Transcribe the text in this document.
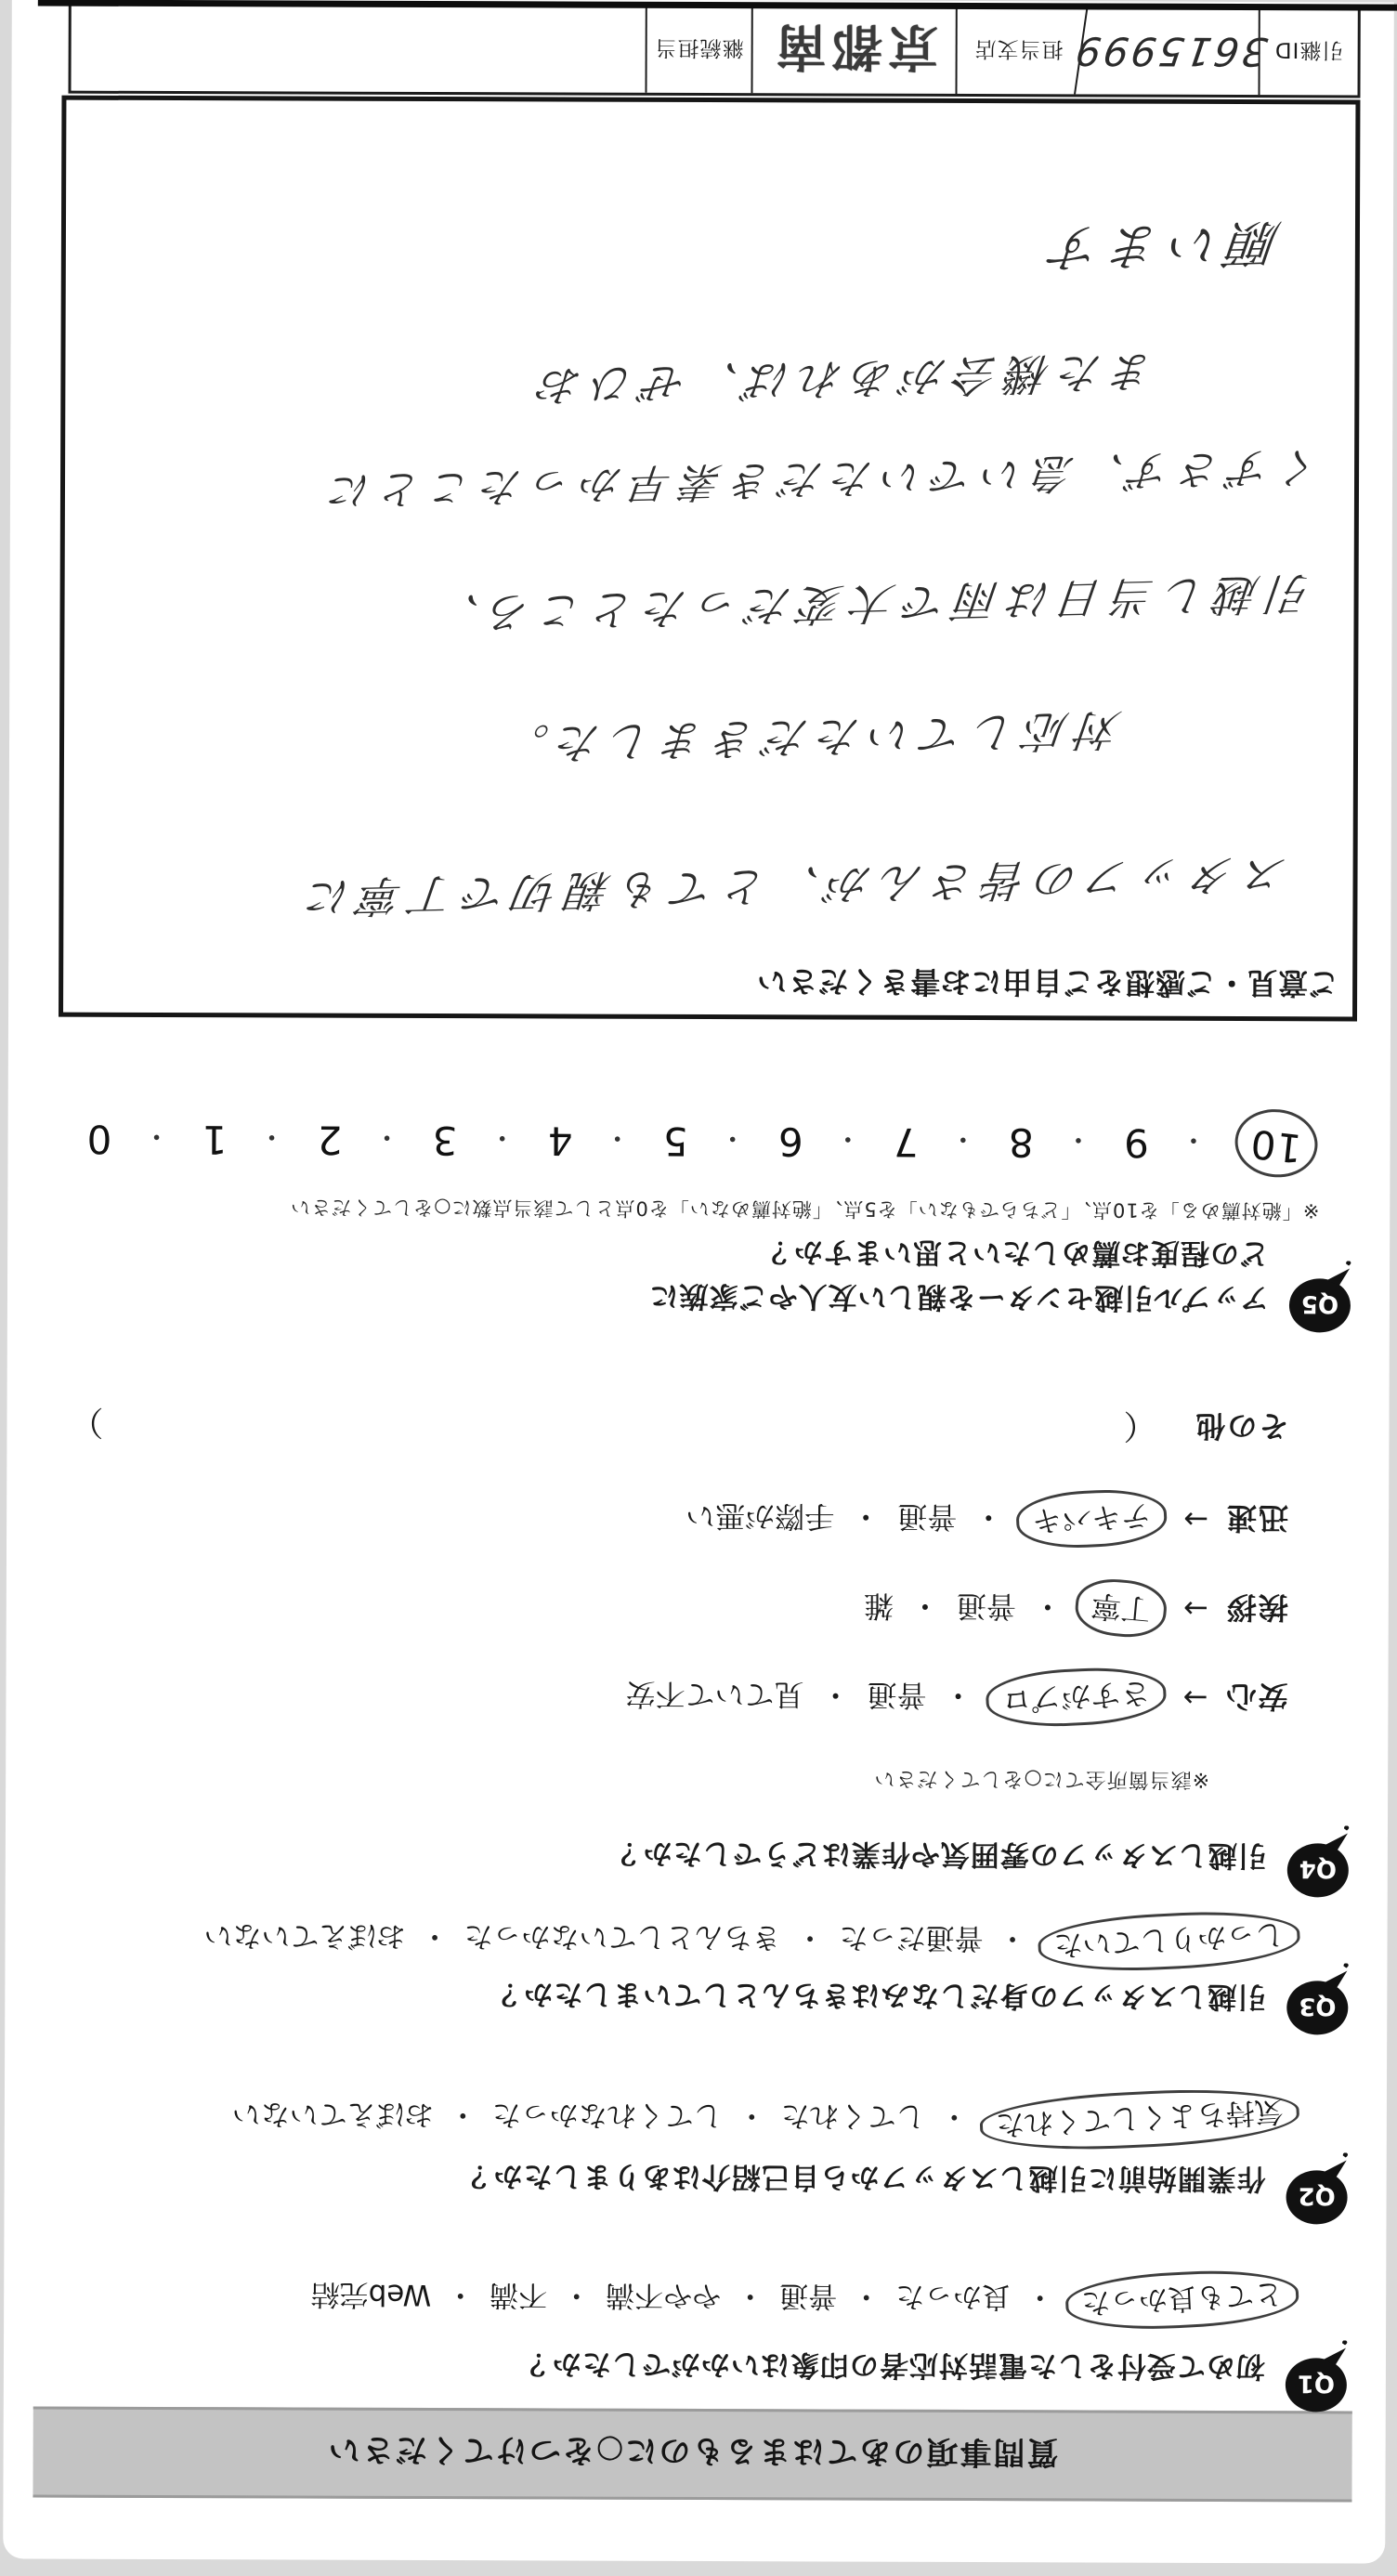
質問事項のあてはまるものに○をつけてください
Q1
初めて受付をした電話対応者の印象はいかがでしたか？
とても良かった
・
良かった
・
普通
・
やや不満
・
不満
・
Web完結
Q2
作業開始前に引越しスタッフから自己紹介はありましたか？
気持ちよくしてくれた
・
してくれた
・
してくれなかった
・
おぼえていない
Q3
引越しスタッフの身だしなみはきちんとしていましたか？
しっかりしていた
・
普通だった
・
きちんとしていなかった
・
おぼえていない
Q4
引越しスタッフの雰囲気や作業はどうでしたか？
※該当箇所全てに○をしてください
安心
→
さすがプロ
・
普通
・
見ていて不安
挨拶
→
丁寧
・
普通
・
雑
迅速
→
テキパキ
・
普通
・
手際が悪い
その他
（
）
Q5
アップル引越センターを親しい友人やご家族に
どの程度お薦めしたいと思いますか？
※「絶対薦める」を10点、「どちらでもない」を5点、「絶対薦めない」を0点として該当点数に○をしてください
10
・
9
・
8
・
7
・
6
・
5
・
4
・
3
・
2
・
1
・
0
ご意見・ご感想をご自由にお書きください
スタッフの皆さんが、とても親切で丁寧に
対応していただきました。
引越し当日は雨で大変だったところ、
くずさず、急いでいただき素早かったことに
また機会があれば、ぜひお
願います
引継ID
3615999
担当支店
京都南
継続担当
